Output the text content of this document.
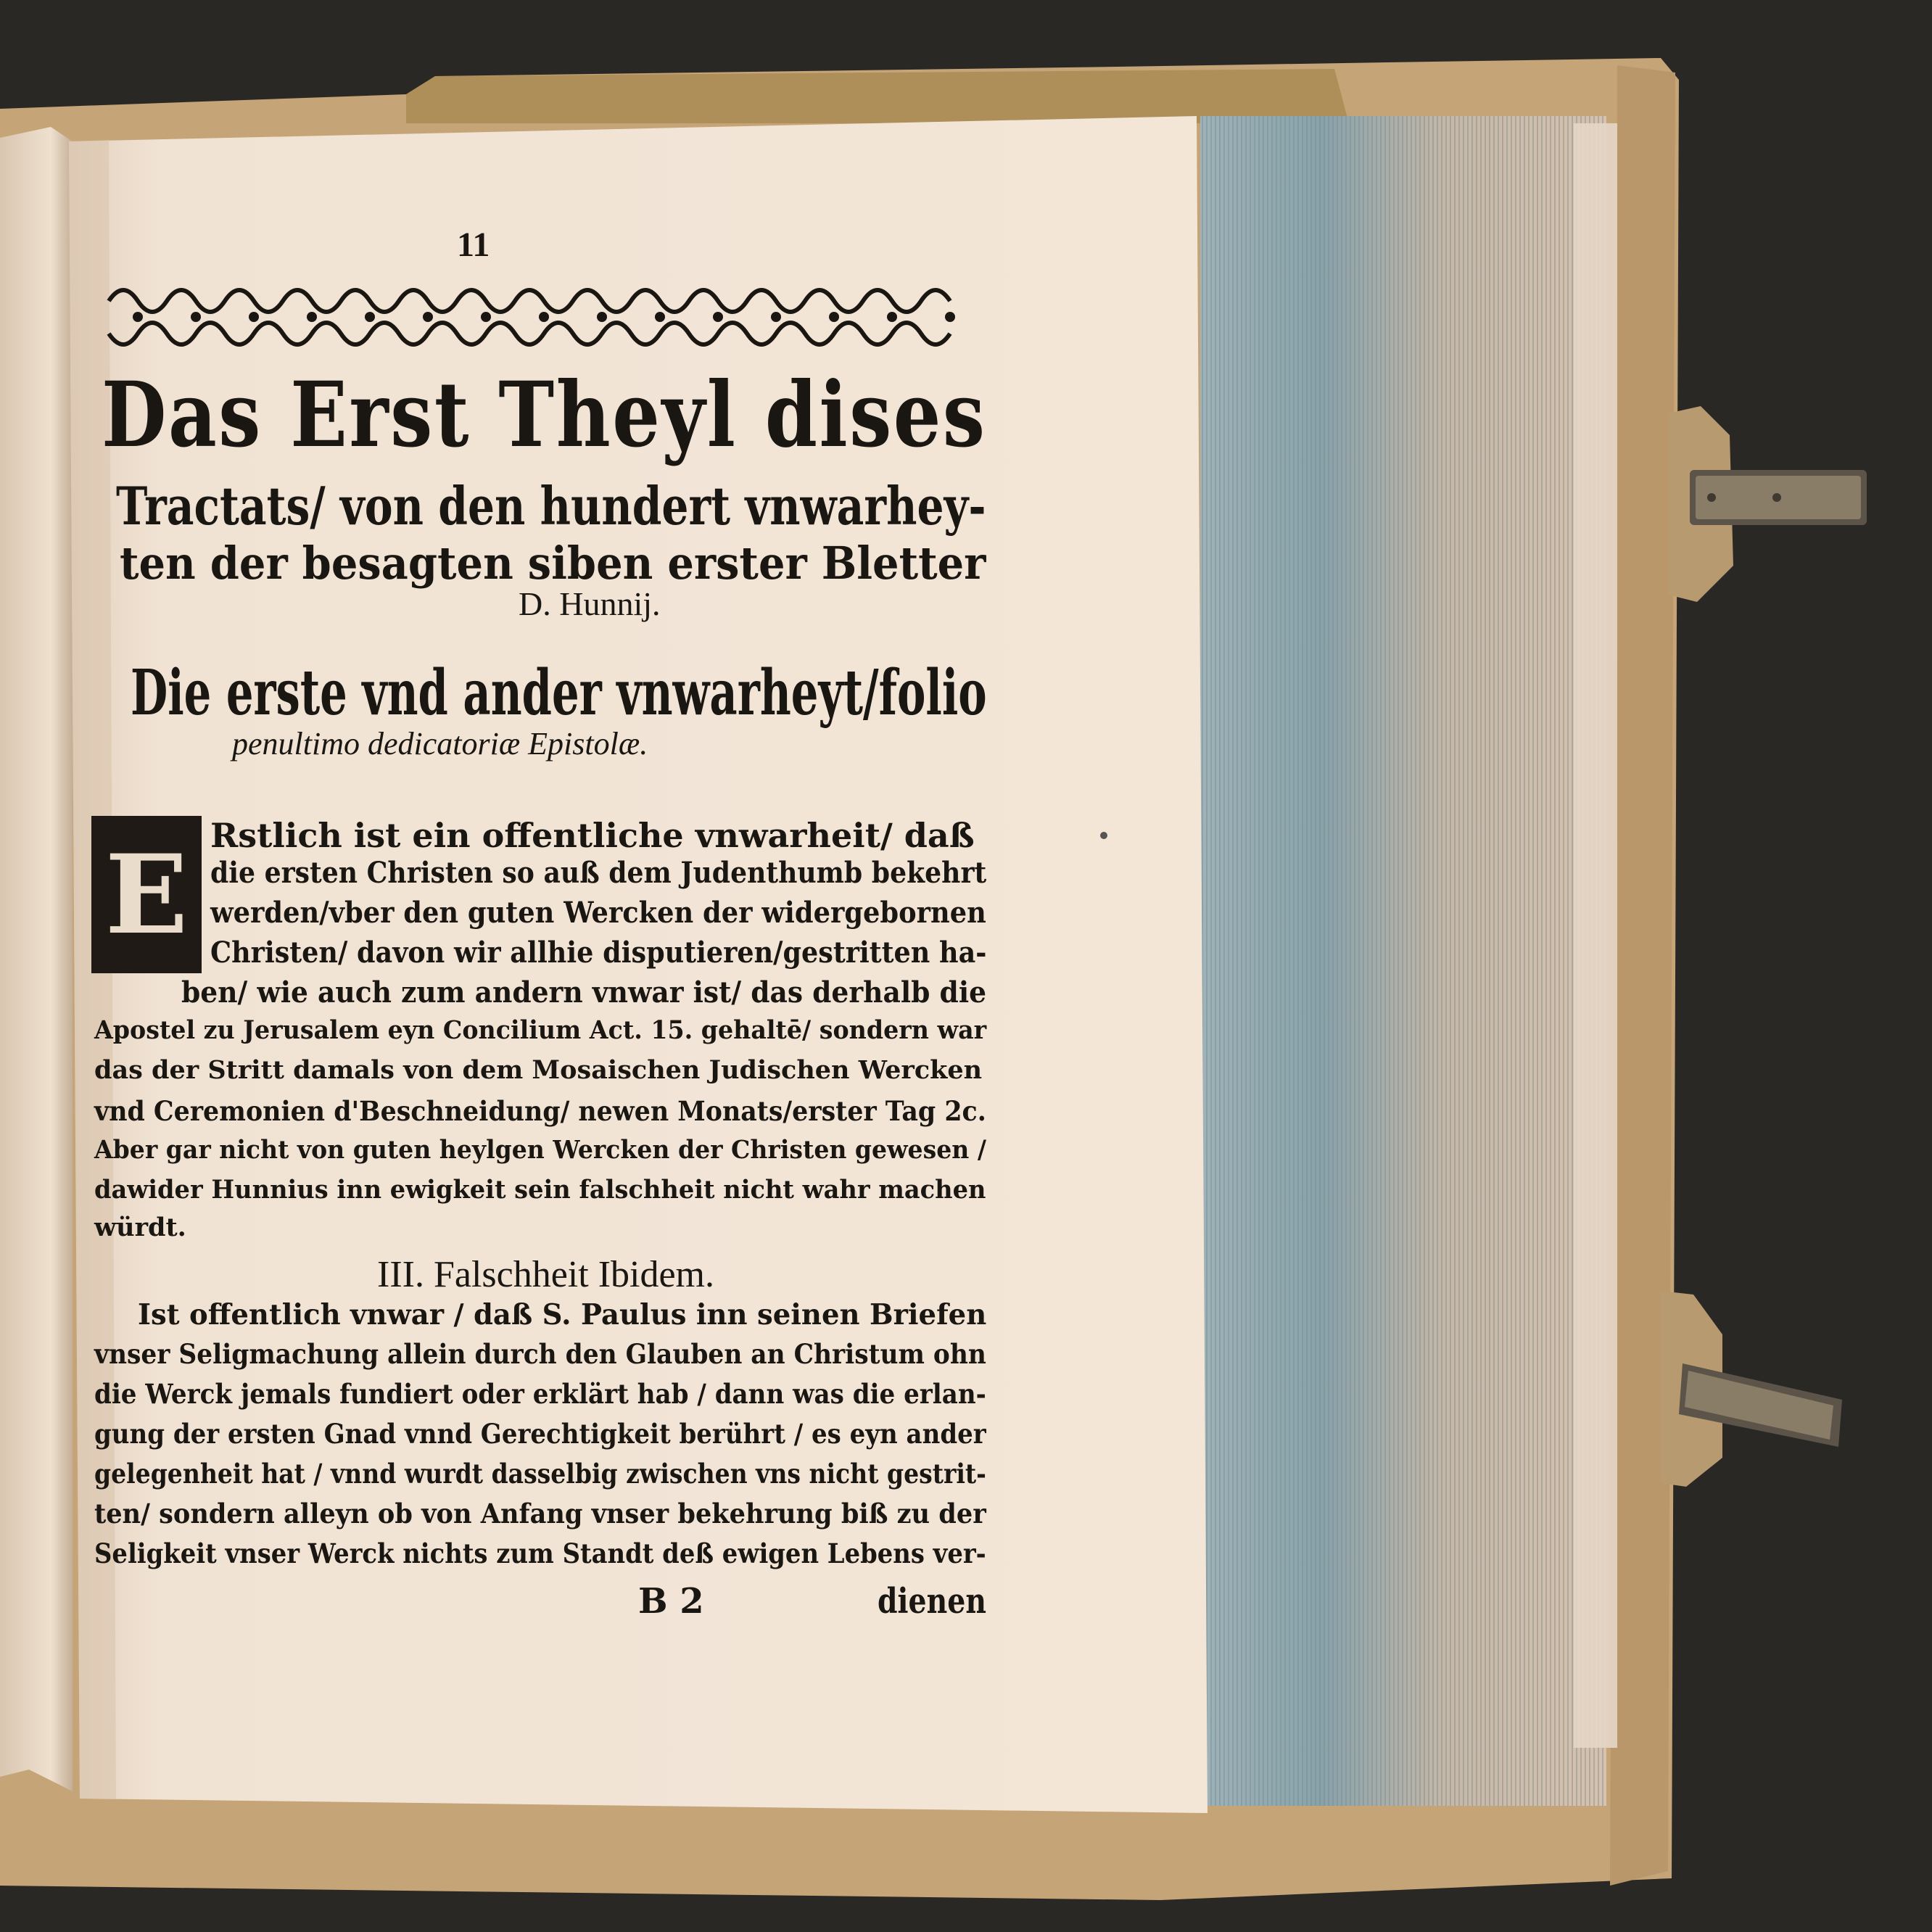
11
Das Erst Theyl dises
Tractats/ von den hundert vnwarhey-
ten der besagten siben erster Bletter
D. Hunnij.
Die erste vnd ander vnwarheyt/folio
penultimo dedicatoriæ Epistolæ.
E Rstlich ist ein offentliche vnwarheit/ daß
die ersten Christen so auß dem Judenthumb bekehrt
werden/vber den guten Wercken der widergebornen
Christen/ davon wir allhie disputieren/gestritten ha-
ben/ wie auch zum andern vnwar ist/ das derhalb die
Apostel zu Jerusalem eyn Concilium Act. 15. gehaltē/ sondern war
das der Stritt damals von dem Mosaischen Judischen Wercken
vnd Ceremonien d'Beschneidung/ newen Monats/erster Tag 2c.
Aber gar nicht von guten heylgen Wercken der Christen gewesen /
dawider Hunnius inn ewigkeit sein falschheit nicht wahr machen
würdt.
III. Falschheit Ibidem.
Ist offentlich vnwar / daß S. Paulus inn seinen Briefen
vnser Seligmachung allein durch den Glauben an Christum ohn
die Werck jemals fundiert oder erklärt hab / dann was die erlan-
gung der ersten Gnad vnnd Gerechtigkeit berührt / es eyn ander
gelegenheit hat / vnnd wurdt dasselbig zwischen vns nicht gestrit-
ten/ sondern alleyn ob von Anfang vnser bekehrung biß zu der
Seligkeit vnser Werck nichts zum Standt deß ewigen Lebens ver-
B 2	dienen
